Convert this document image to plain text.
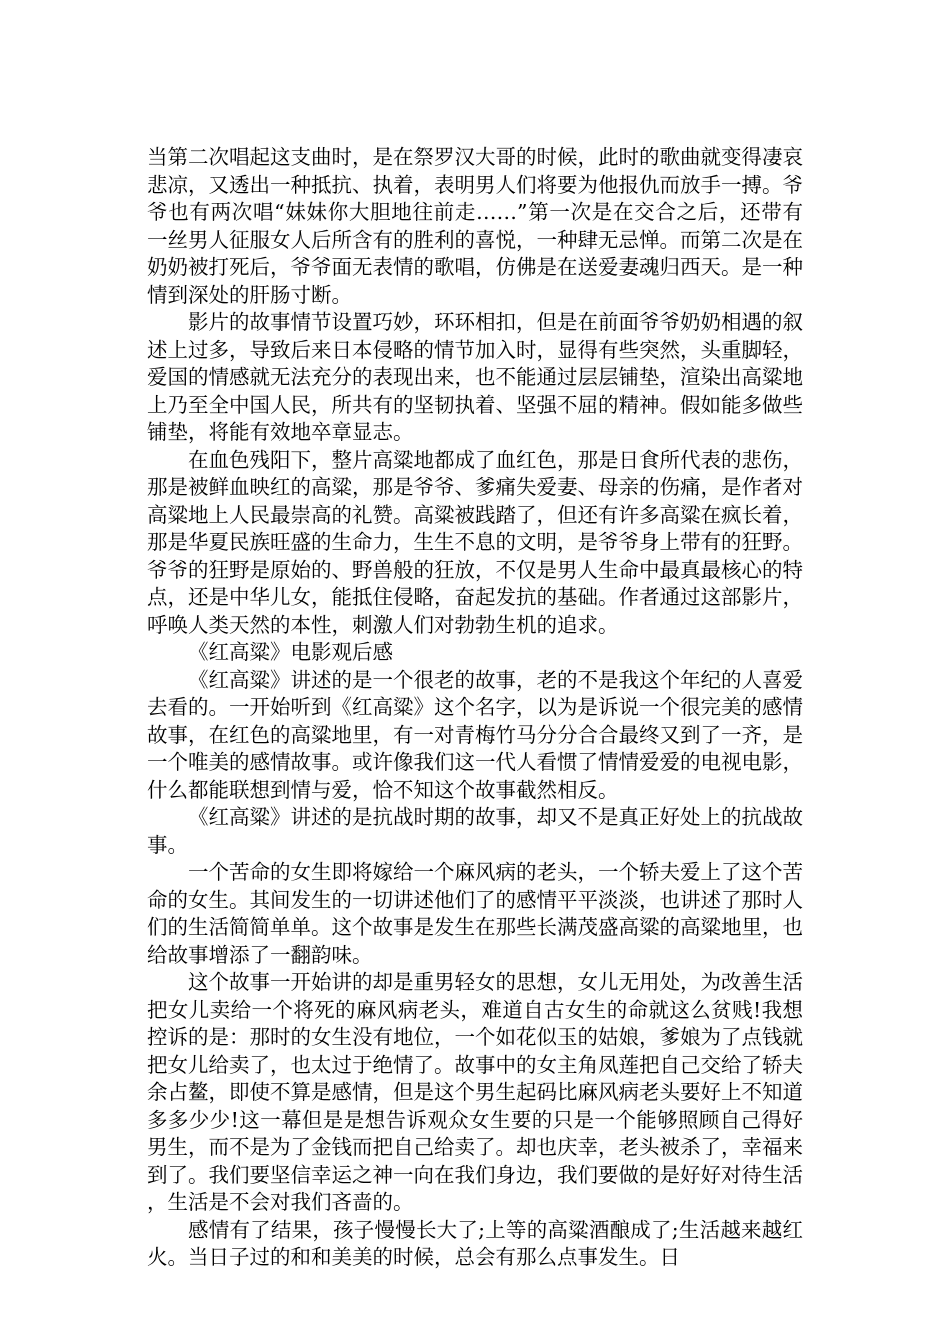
当第二次唱起这支曲时，是在祭罗汉大哥的时候，此时的歌曲就变得凄哀悲凉，又透出一种抵抗、执着，表明男人们将要为他报仇而放手一搏。爷爷也有两次唱“妹妹你大胆地往前走……”第一次是在交合之后，还带有一丝男人征服女人后所含有的胜利的喜悦，一种肆无忌惮。而第二次是在奶奶被打死后，爷爷面无表情的歌唱，仿佛是在送爱妻魂归西天。是一种情到深处的肝肠寸断。

影片的故事情节设置巧妙，环环相扣，但是在前面爷爷奶奶相遇的叙述上过多，导致后来日本侵略的情节加入时，显得有些突然，头重脚轻，爱国的情感就无法充分的表现出来，也不能通过层层铺垫，渲染出高粱地上乃至全中国人民，所共有的坚韧执着、坚强不屈的精神。假如能多做些铺垫，将能有效地卒章显志。

在血色残阳下，整片高粱地都成了血红色，那是日食所代表的悲伤，那是被鲜血映红的高粱，那是爷爷、爹痛失爱妻、母亲的伤痛，是作者对高粱地上人民最崇高的礼赞。高粱被践踏了，但还有许多高粱在疯长着，那是华夏民族旺盛的生命力，生生不息的文明，是爷爷身上带有的狂野。爷爷的狂野是原始的、野兽般的狂放，不仅是男人生命中最真最核心的特点，还是中华儿女，能抵住侵略，奋起发抗的基础。作者通过这部影片，呼唤人类天然的本性，刺激人们对勃勃生机的追求。

《红高粱》电影观后感

《红高粱》讲述的是一个很老的故事，老的不是我这个年纪的人喜爱去看的。一开始听到《红高粱》这个名字，以为是诉说一个很完美的感情故事，在红色的高粱地里，有一对青梅竹马分分合合最终又到了一齐，是一个唯美的感情故事。或许像我们这一代人看惯了情情爱爱的电视电影，什么都能联想到情与爱，恰不知这个故事截然相反。

《红高粱》讲述的是抗战时期的故事，却又不是真正好处上的抗战故事。

一个苦命的女生即将嫁给一个麻风病的老头，一个轿夫爱上了这个苦命的女生。其间发生的一切讲述他们了的感情平平淡淡，也讲述了那时人们的生活简简单单。这个故事是发生在那些长满茂盛高粱的高粱地里，也给故事增添了一翻韵味。

这个故事一开始讲的却是重男轻女的思想，女儿无用处，为改善生活把女儿卖给一个将死的麻风病老头，难道自古女生的命就这么贫贱!我想控诉的是：那时的女生没有地位，一个如花似玉的姑娘，爹娘为了点钱就把女儿给卖了，也太过于绝情了。故事中的女主角凤莲把自己交给了轿夫余占鳌，即使不算是感情，但是这个男生起码比麻风病老头要好上不知道多多少少!这一幕但是是想告诉观众女生要的只是一个能够照顾自己得好男生，而不是为了金钱而把自己给卖了。却也庆幸，老头被杀了，幸福来到了。我们要坚信幸运之神一向在我们身边，我们要做的是好好对待生活，生活是不会对我们吝啬的。

感情有了结果，孩子慢慢长大了;上等的高粱酒酿成了;生活越来越红火。当日子过的和和美美的时候，总会有那么点事发生。日
